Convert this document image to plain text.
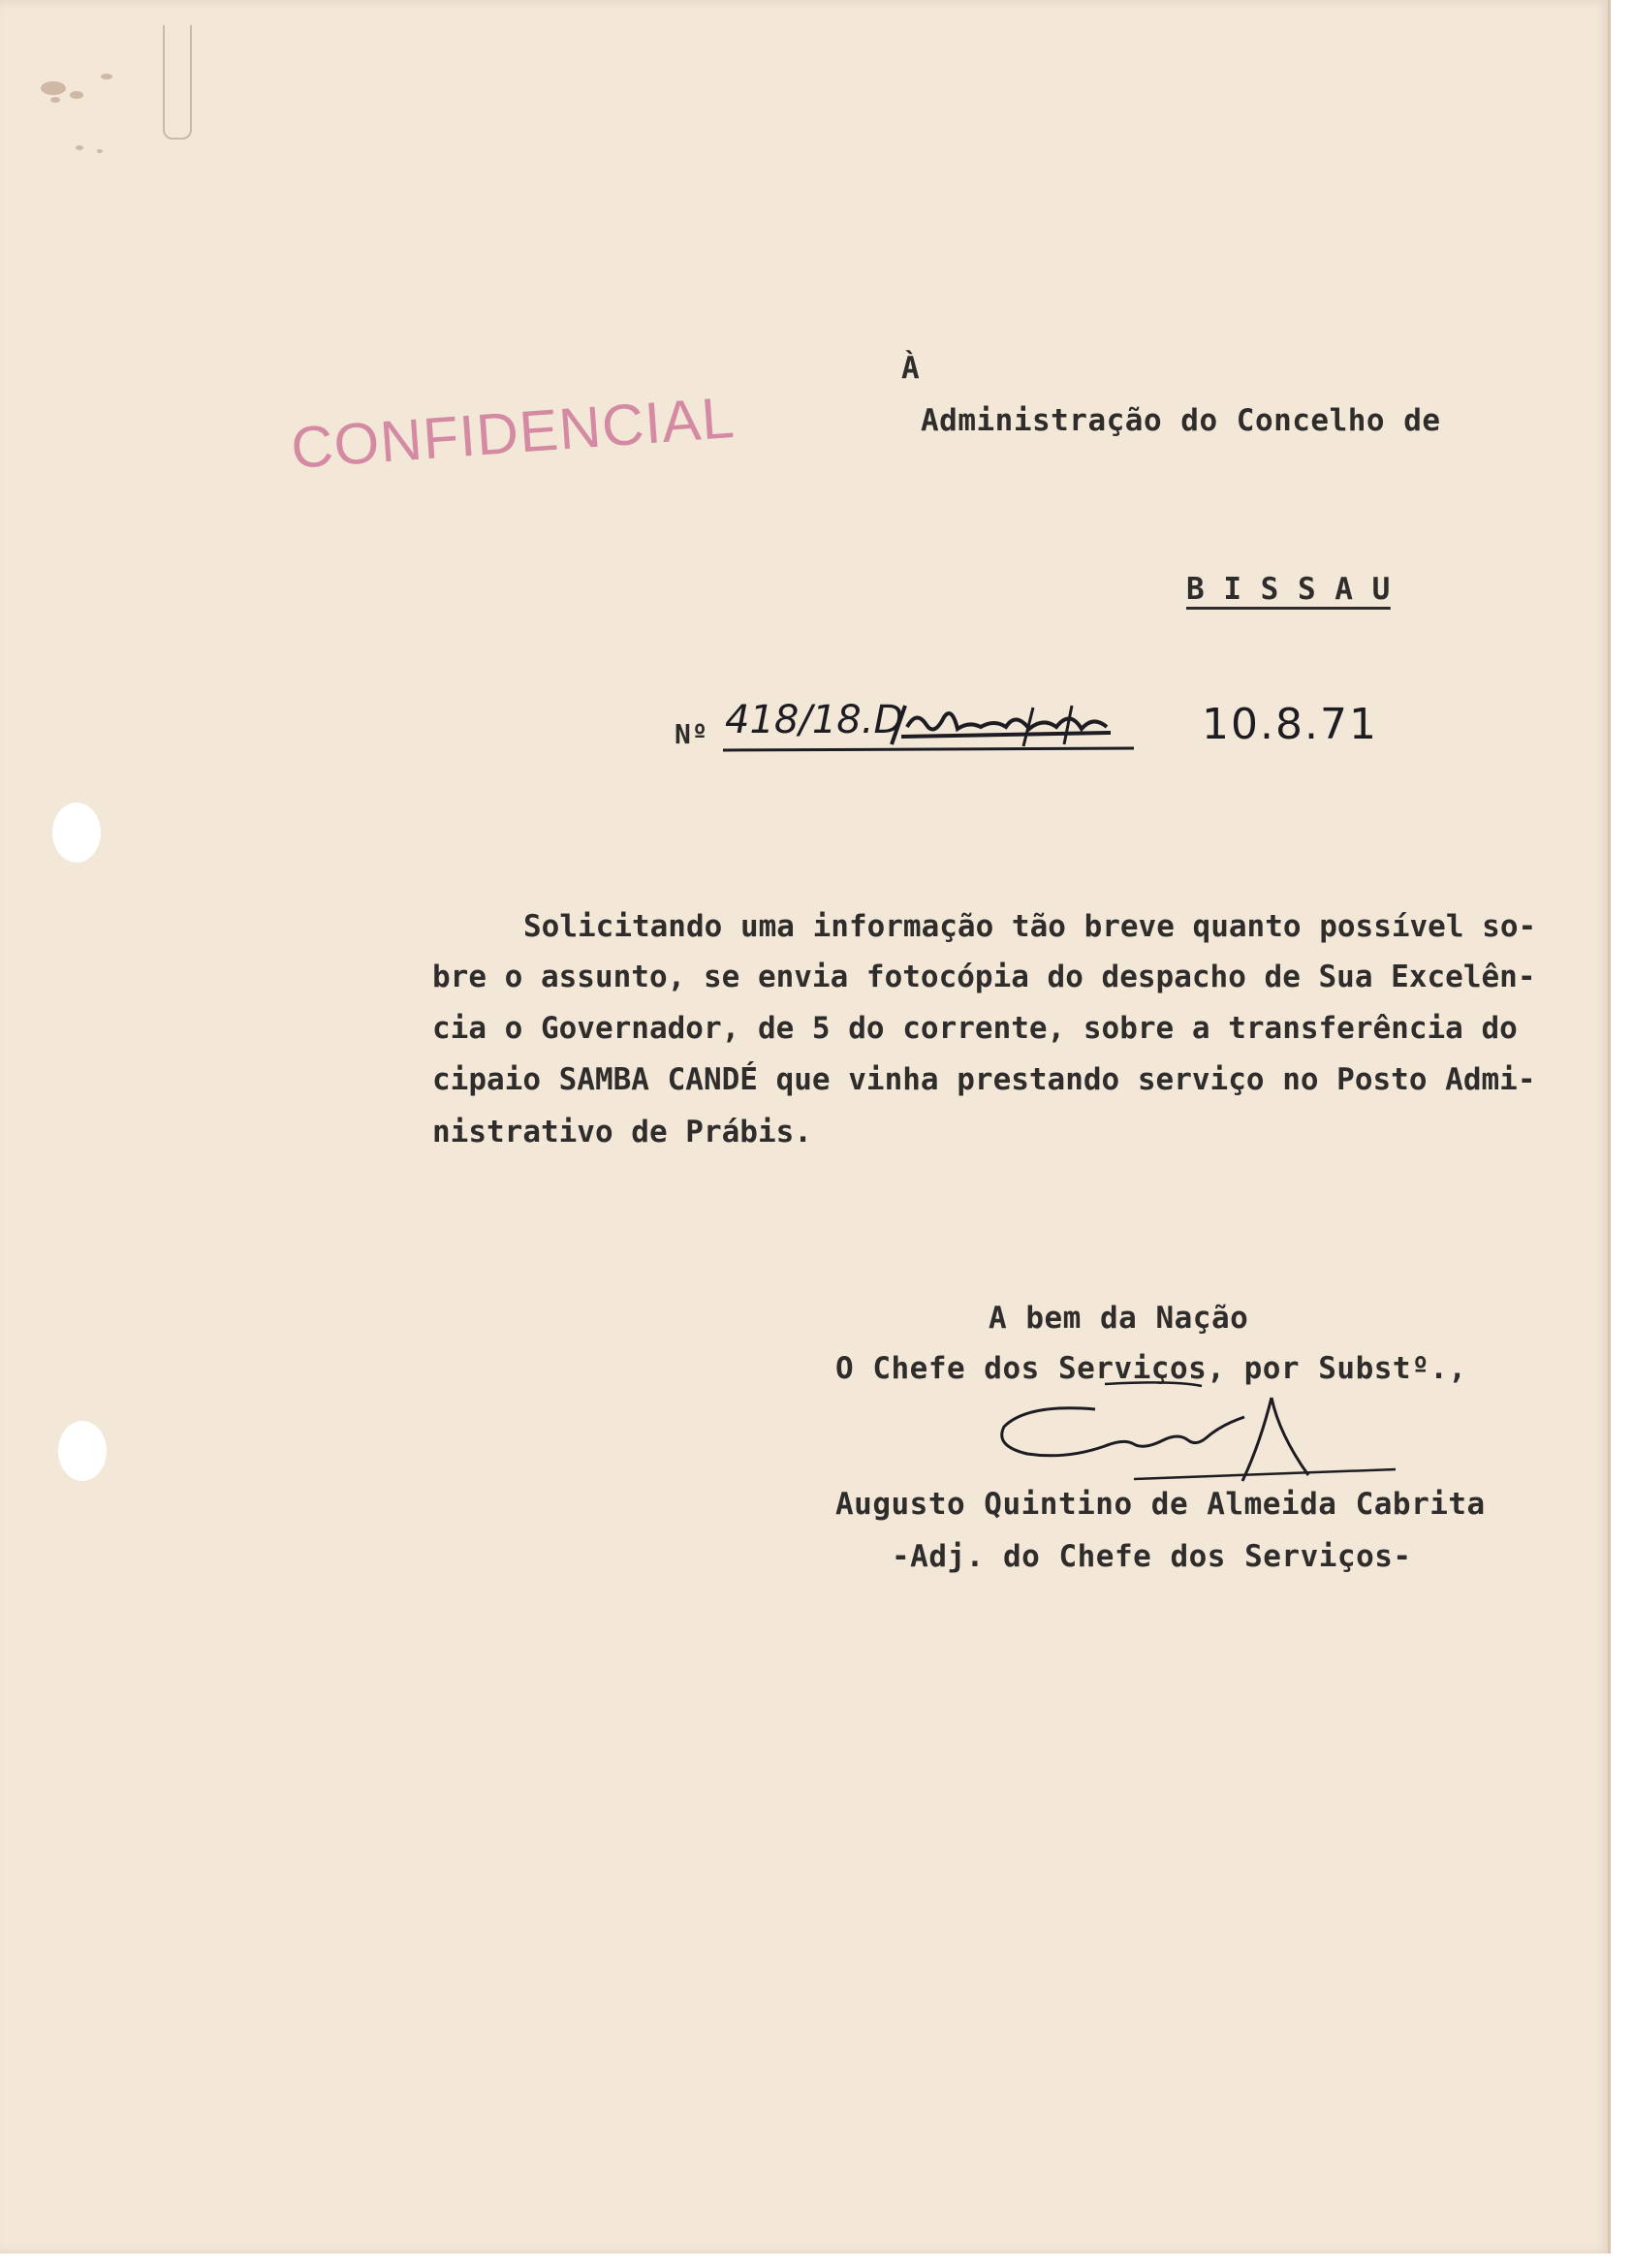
CONFIDENCIAL
À
Administração do Concelho de
B I S S A U
Nº 418/18.D	10.8.71
Solicitando uma informação tão breve quanto possível so-
bre o assunto, se envia fotocópia do despacho de Sua Excelên-
cia o Governador, de 5 do corrente, sobre a transferência do
cipaio SAMBA CANDÉ que vinha prestando serviço no Posto Admi-
nistrativo de Prábis.
A bem da Nação
O Chefe dos Serviços, por Substº.,
Augusto Quintino de Almeida Cabrita
-Adj. do Chefe dos Serviços-
